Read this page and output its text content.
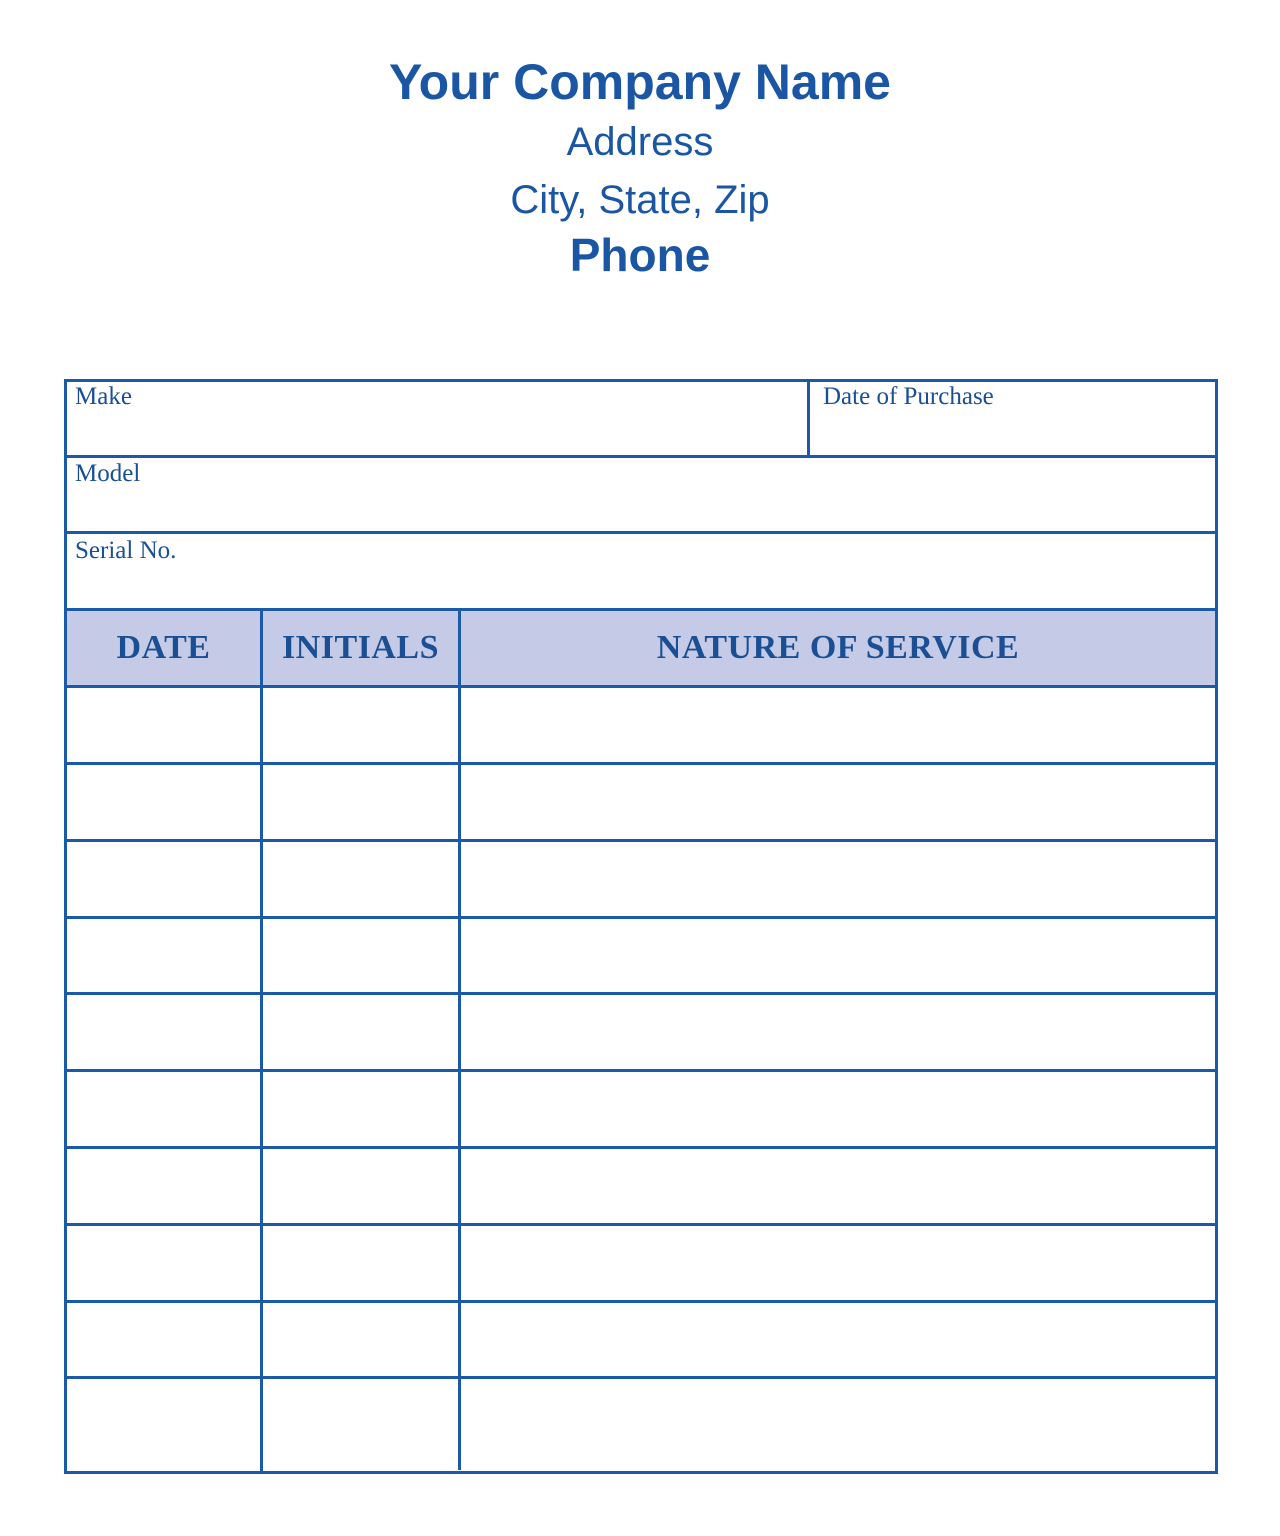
Your Company Name
Address
City, State, Zip
Phone
Make	Date of Purchase
Model
Serial No.
DATE	INITIALS	NATURE OF SERVICE
